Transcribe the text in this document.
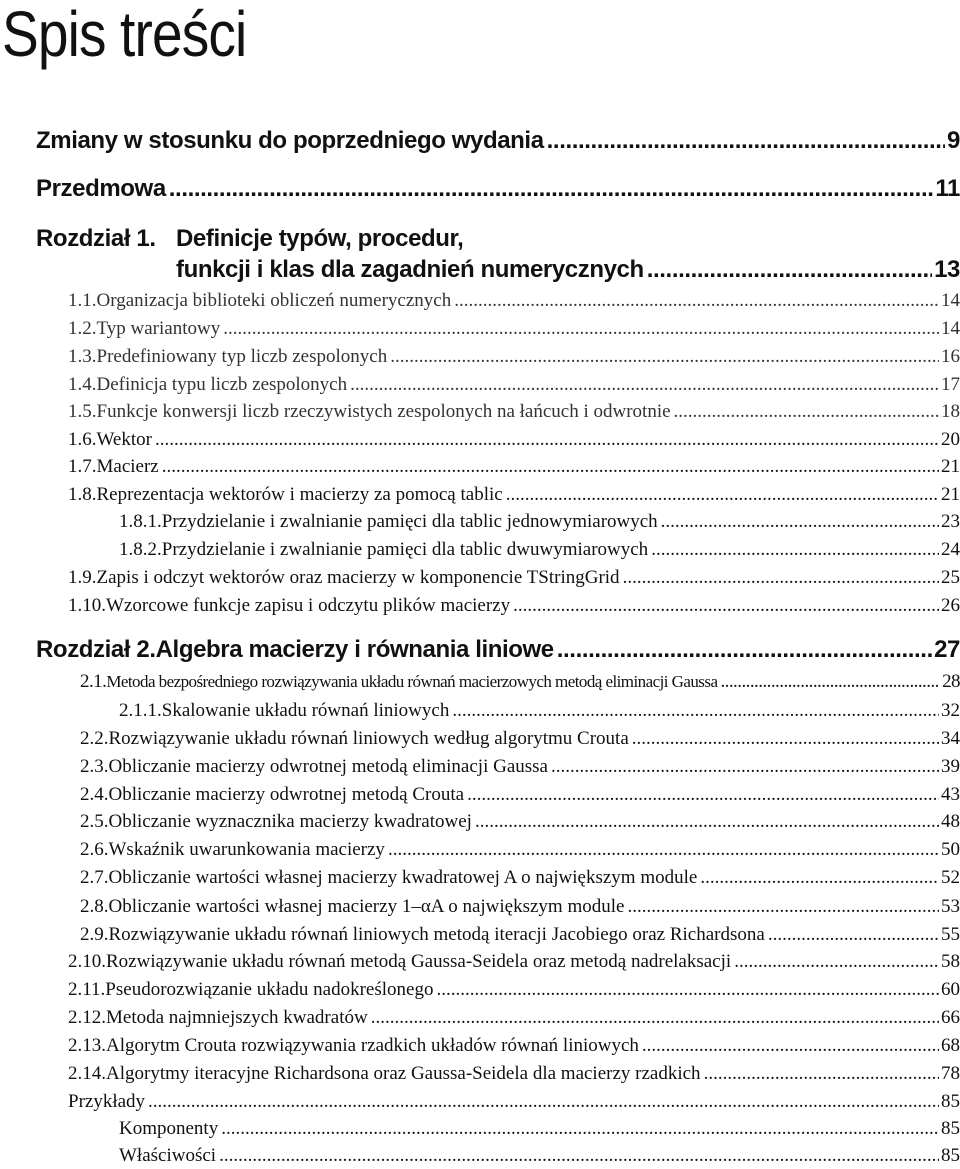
Spis treści
Zmiany w stosunku do poprzedniego wydania .....	9
Przedmowa .....	11
Rozdział 1. Definicje typów, procedur,
funkcji i klas dla zagadnień numerycznych .....	13
1.1. Organizacja biblioteki obliczeń numerycznych .....	14
1.2. Typ wariantowy .....	14
1.3. Predefiniowany typ liczb zespolonych .....	16
1.4. Definicja typu liczb zespolonych .....	17
1.5. Funkcje konwersji liczb rzeczywistych zespolonych na łańcuch i odwrotnie .....	18
1.6. Wektor .....	20
1.7. Macierz .....	21
1.8. Reprezentacja wektorów i macierzy za pomocą tablic .....	21
1.8.1. Przydzielanie i zwalnianie pamięci dla tablic jednowymiarowych .....	23
1.8.2. Przydzielanie i zwalnianie pamięci dla tablic dwuwymiarowych .....	24
1.9. Zapis i odczyt wektorów oraz macierzy w komponencie TStringGrid .....	25
1.10. Wzorcowe funkcje zapisu i odczytu plików macierzy .....	26
Rozdział 2. Algebra macierzy i równania liniowe .....	27
2.1. Metoda bezpośredniego rozwiązywania układu równań macierzowych metodą eliminacji Gaussa .....	28
2.1.1. Skalowanie układu równań liniowych .....	32
2.2. Rozwiązywanie układu równań liniowych według algorytmu Crouta .....	34
2.3. Obliczanie macierzy odwrotnej metodą eliminacji Gaussa .....	39
2.4. Obliczanie macierzy odwrotnej metodą Crouta .....	43
2.5. Obliczanie wyznacznika macierzy kwadratowej .....	48
2.6. Wskaźnik uwarunkowania macierzy .....	50
2.7. Obliczanie wartości własnej macierzy kwadratowej A o największym module .....	52
2.8. Obliczanie wartości własnej macierzy 1–αA o największym module .....	53
2.9. Rozwiązywanie układu równań liniowych metodą iteracji Jacobiego oraz Richardsona .....	55
2.10. Rozwiązywanie układu równań metodą Gaussa-Seidela oraz metodą nadrelaksacji .....	58
2.11. Pseudorozwiązanie układu nadokreślonego .....	60
2.12. Metoda najmniejszych kwadratów .....	66
2.13. Algorytm Crouta rozwiązywania rzadkich układów równań liniowych .....	68
2.14. Algorytmy iteracyjne Richardsona oraz Gaussa-Seidela dla macierzy rzadkich .....	78
Przykłady .....	85
Komponenty .....	85
Właściwości .....	85
